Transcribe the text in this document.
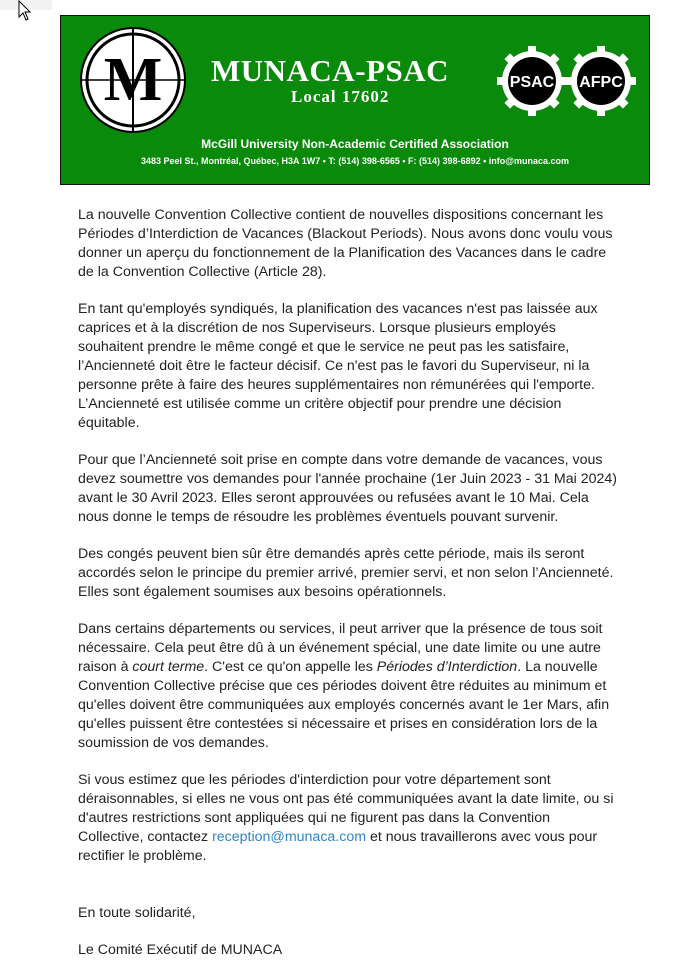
M MUNACA-PSAC
Local 17602
PSAC AFPC
McGill University Non-Academic Certified Association
3483 Peel St., Montréal, Québec, H3A 1W7 • T: (514) 398-6565 • F: (514) 398-6892 • info@munaca.com

La nouvelle Convention Collective contient de nouvelles dispositions concernant les Périodes d’Interdiction de Vacances (Blackout Periods). Nous avons donc voulu vous donner un aperçu du fonctionnement de la Planification des Vacances dans le cadre de la Convention Collective (Article 28).

En tant qu'employés syndiqués, la planification des vacances n'est pas laissée aux caprices et à la discrétion de nos Superviseurs. Lorsque plusieurs employés souhaitent prendre le même congé et que le service ne peut pas les satisfaire, l’Ancienneté doit être le facteur décisif. Ce n'est pas le favori du Superviseur, ni la personne prête à faire des heures supplémentaires non rémunérées qui l'emporte. L’Ancienneté est utilisée comme un critère objectif pour prendre une décision équitable.

Pour que l’Ancienneté soit prise en compte dans votre demande de vacances, vous devez soumettre vos demandes pour l'année prochaine (1er Juin 2023 - 31 Mai 2024) avant le 30 Avril 2023. Elles seront approuvées ou refusées avant le 10 Mai. Cela nous donne le temps de résoudre les problèmes éventuels pouvant survenir.

Des congés peuvent bien sûr être demandés après cette période, mais ils seront accordés selon le principe du premier arrivé, premier servi, et non selon l’Ancienneté. Elles sont également soumises aux besoins opérationnels.

Dans certains départements ou services, il peut arriver que la présence de tous soit nécessaire. Cela peut être dû à un événement spécial, une date limite ou une autre raison à court terme. C'est ce qu'on appelle les Périodes d’Interdiction. La nouvelle Convention Collective précise que ces périodes doivent être réduites au minimum et qu'elles doivent être communiquées aux employés concernés avant le 1er Mars, afin qu'elles puissent être contestées si nécessaire et prises en considération lors de la soumission de vos demandes.

Si vous estimez que les périodes d'interdiction pour votre département sont déraisonnables, si elles ne vous ont pas été communiquées avant la date limite, ou si d'autres restrictions sont appliquées qui ne figurent pas dans la Convention Collective, contactez reception@munaca.com et nous travaillerons avec vous pour rectifier le problème.

En toute solidarité,

Le Comité Exécutif de MUNACA
